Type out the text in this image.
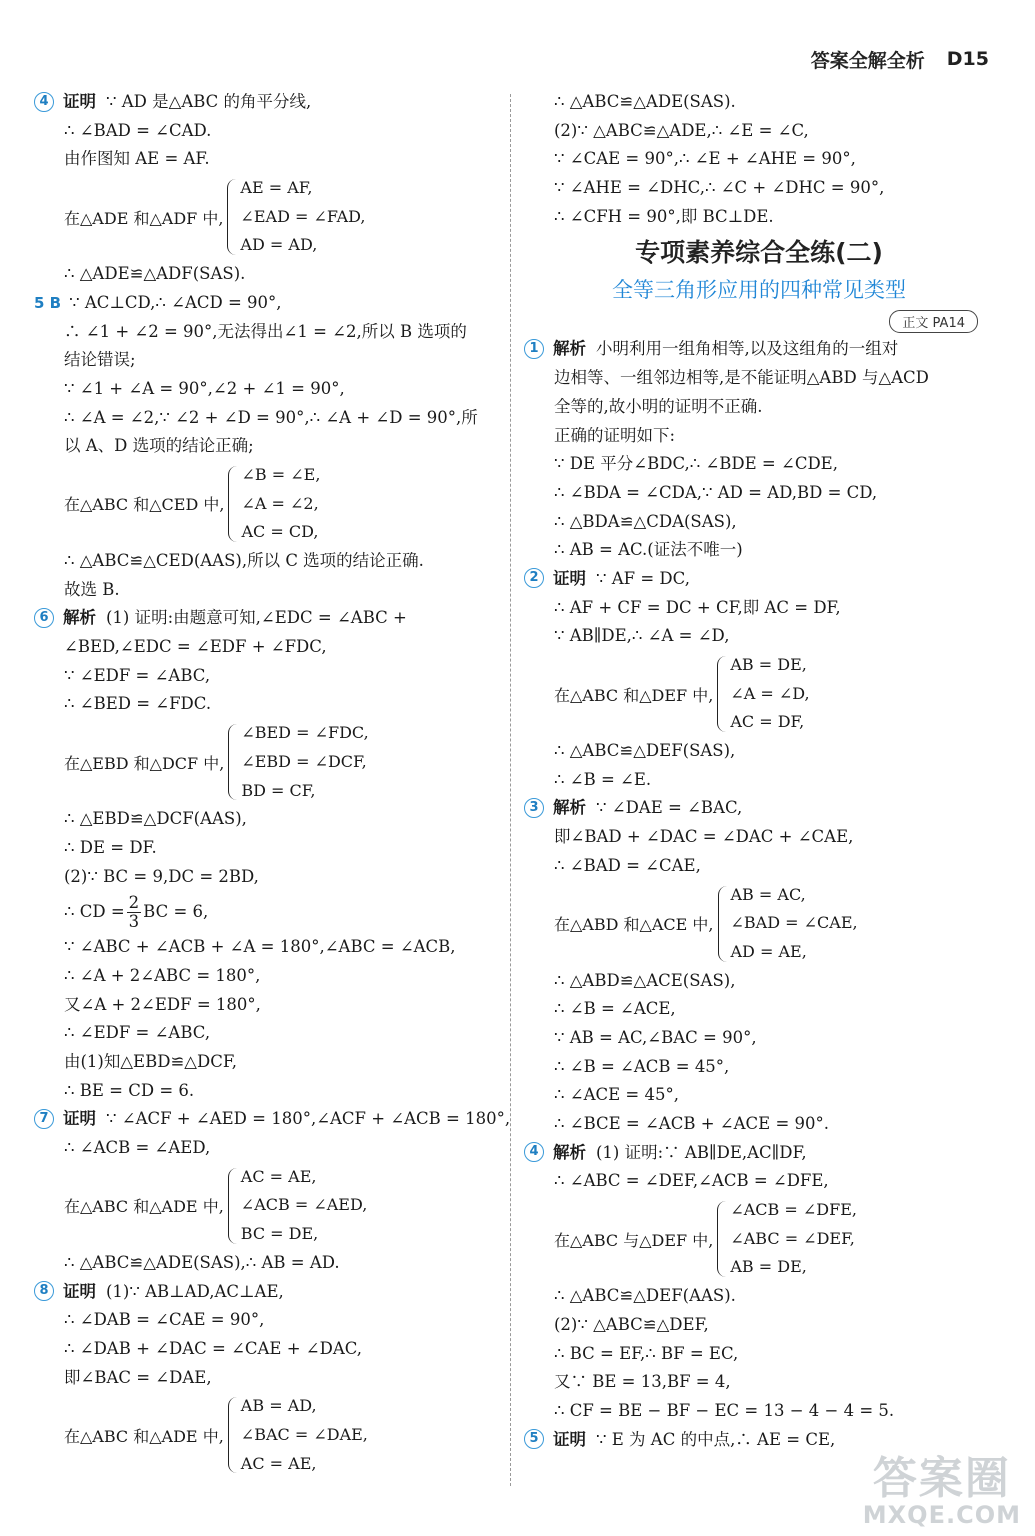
答案全解全析 D15
4 证明 ∵ AD 是△ABC 的角平分线,
∴ ∠BAD = ∠CAD.
由作图知 AE = AF.
在△ADE 和△ADF 中,
AE = AF,
∠EAD = ∠FAD,
AD = AD,
∴ △ADE≌△ADF(SAS).
5 B ∵ AC⊥CD,∴ ∠ACD = 90°,
∴ ∠1 + ∠2 = 90°,无法得出∠1 = ∠2,所以 B 选项的
结论错误;
∵ ∠1 + ∠A = 90°,∠2 + ∠1 = 90°,
∴ ∠A = ∠2,∵ ∠2 + ∠D = 90°,∴ ∠A + ∠D = 90°,所
以 A、D 选项的结论正确;
在△ABC 和△CED 中,
∠B = ∠E,
∠A = ∠2,
AC = CD,
∴ △ABC≌△CED(AAS),所以 C 选项的结论正确.
故选 B.
6 解析 (1) 证明:由题意可知,∠EDC = ∠ABC +
∠BED,∠EDC = ∠EDF + ∠FDC,
∵ ∠EDF = ∠ABC,
∴ ∠BED = ∠FDC.
在△EBD 和△DCF 中,
∠BED = ∠FDC,
∠EBD = ∠DCF,
BD = CF,
∴ △EBD≌△DCF(AAS),
∴ DE = DF.
(2)∵ BC = 9,DC = 2BD,
∴ CD = $\frac{2}{3}$ BC = 6,
∵ ∠ABC + ∠ACB + ∠A = 180°,∠ABC = ∠ACB,
∴ ∠A + 2∠ABC = 180°,
又∠A + 2∠EDF = 180°,
∴ ∠EDF = ∠ABC,
由(1)知△EBD≌△DCF,
∴ BE = CD = 6.
7 证明 ∵ ∠ACF + ∠AED = 180°,∠ACF + ∠ACB = 180°,
∴ ∠ACB = ∠AED,
在△ABC 和△ADE 中,
AC = AE,
∠ACB = ∠AED,
BC = DE,
∴ △ABC≌△ADE(SAS),∴ AB = AD.
8 证明 (1)∵ AB⊥AD,AC⊥AE,
∴ ∠DAB = ∠CAE = 90°,
∴ ∠DAB + ∠DAC = ∠CAE + ∠DAC,
即∠BAC = ∠DAE,
在△ABC 和△ADE 中,
AB = AD,
∠BAC = ∠DAE,
AC = AE,
∴ △ABC≌△ADE(SAS).
(2)∵ △ABC≌△ADE,∴ ∠E = ∠C,
∵ ∠CAE = 90°,∴ ∠E + ∠AHE = 90°,
∵ ∠AHE = ∠DHC,∴ ∠C + ∠DHC = 90°,
∴ ∠CFH = 90°,即 BC⊥DE.
专项素养综合全练(二)
全等三角形应用的四种常见类型
正文 PA14
1 解析 小明利用一组角相等,以及这组角的一组对
边相等、一组邻边相等,是不能证明△ABD 与△ACD
全等的,故小明的证明不正确.
正确的证明如下:
∵ DE 平分∠BDC,∴ ∠BDE = ∠CDE,
∴ ∠BDA = ∠CDA,∵ AD = AD,BD = CD,
∴ △BDA≌△CDA(SAS),
∴ AB = AC.(证法不唯一)
2 证明 ∵ AF = DC,
∴ AF + CF = DC + CF,即 AC = DF,
∵ AB∥DE,∴ ∠A = ∠D,
在△ABC 和△DEF 中,
AB = DE,
∠A = ∠D,
AC = DF,
∴ △ABC≌△DEF(SAS),
∴ ∠B = ∠E.
3 解析 ∵ ∠DAE = ∠BAC,
即∠BAD + ∠DAC = ∠DAC + ∠CAE,
∴ ∠BAD = ∠CAE,
在△ABD 和△ACE 中,
AB = AC,
∠BAD = ∠CAE,
AD = AE,
∴ △ABD≌△ACE(SAS),
∴ ∠B = ∠ACE,
∵ AB = AC,∠BAC = 90°,
∴ ∠B = ∠ACB = 45°,
∴ ∠ACE = 45°,
∴ ∠BCE = ∠ACB + ∠ACE = 90°.
4 解析 (1) 证明:∵ AB∥DE,AC∥DF,
∴ ∠ABC = ∠DEF,∠ACB = ∠DFE,
在△ABC 与△DEF 中,
∠ACB = ∠DFE,
∠ABC = ∠DEF,
AB = DE,
∴ △ABC≌△DEF(AAS).
(2)∵ △ABC≌△DEF,
∴ BC = EF,∴ BF = EC,
又∵ BE = 13,BF = 4,
∴ CF = BE − BF − EC = 13 − 4 − 4 = 5.
5 证明 ∵ E 为 AC 的中点,∴ AE = CE,
答案圈
MXQE.COM
